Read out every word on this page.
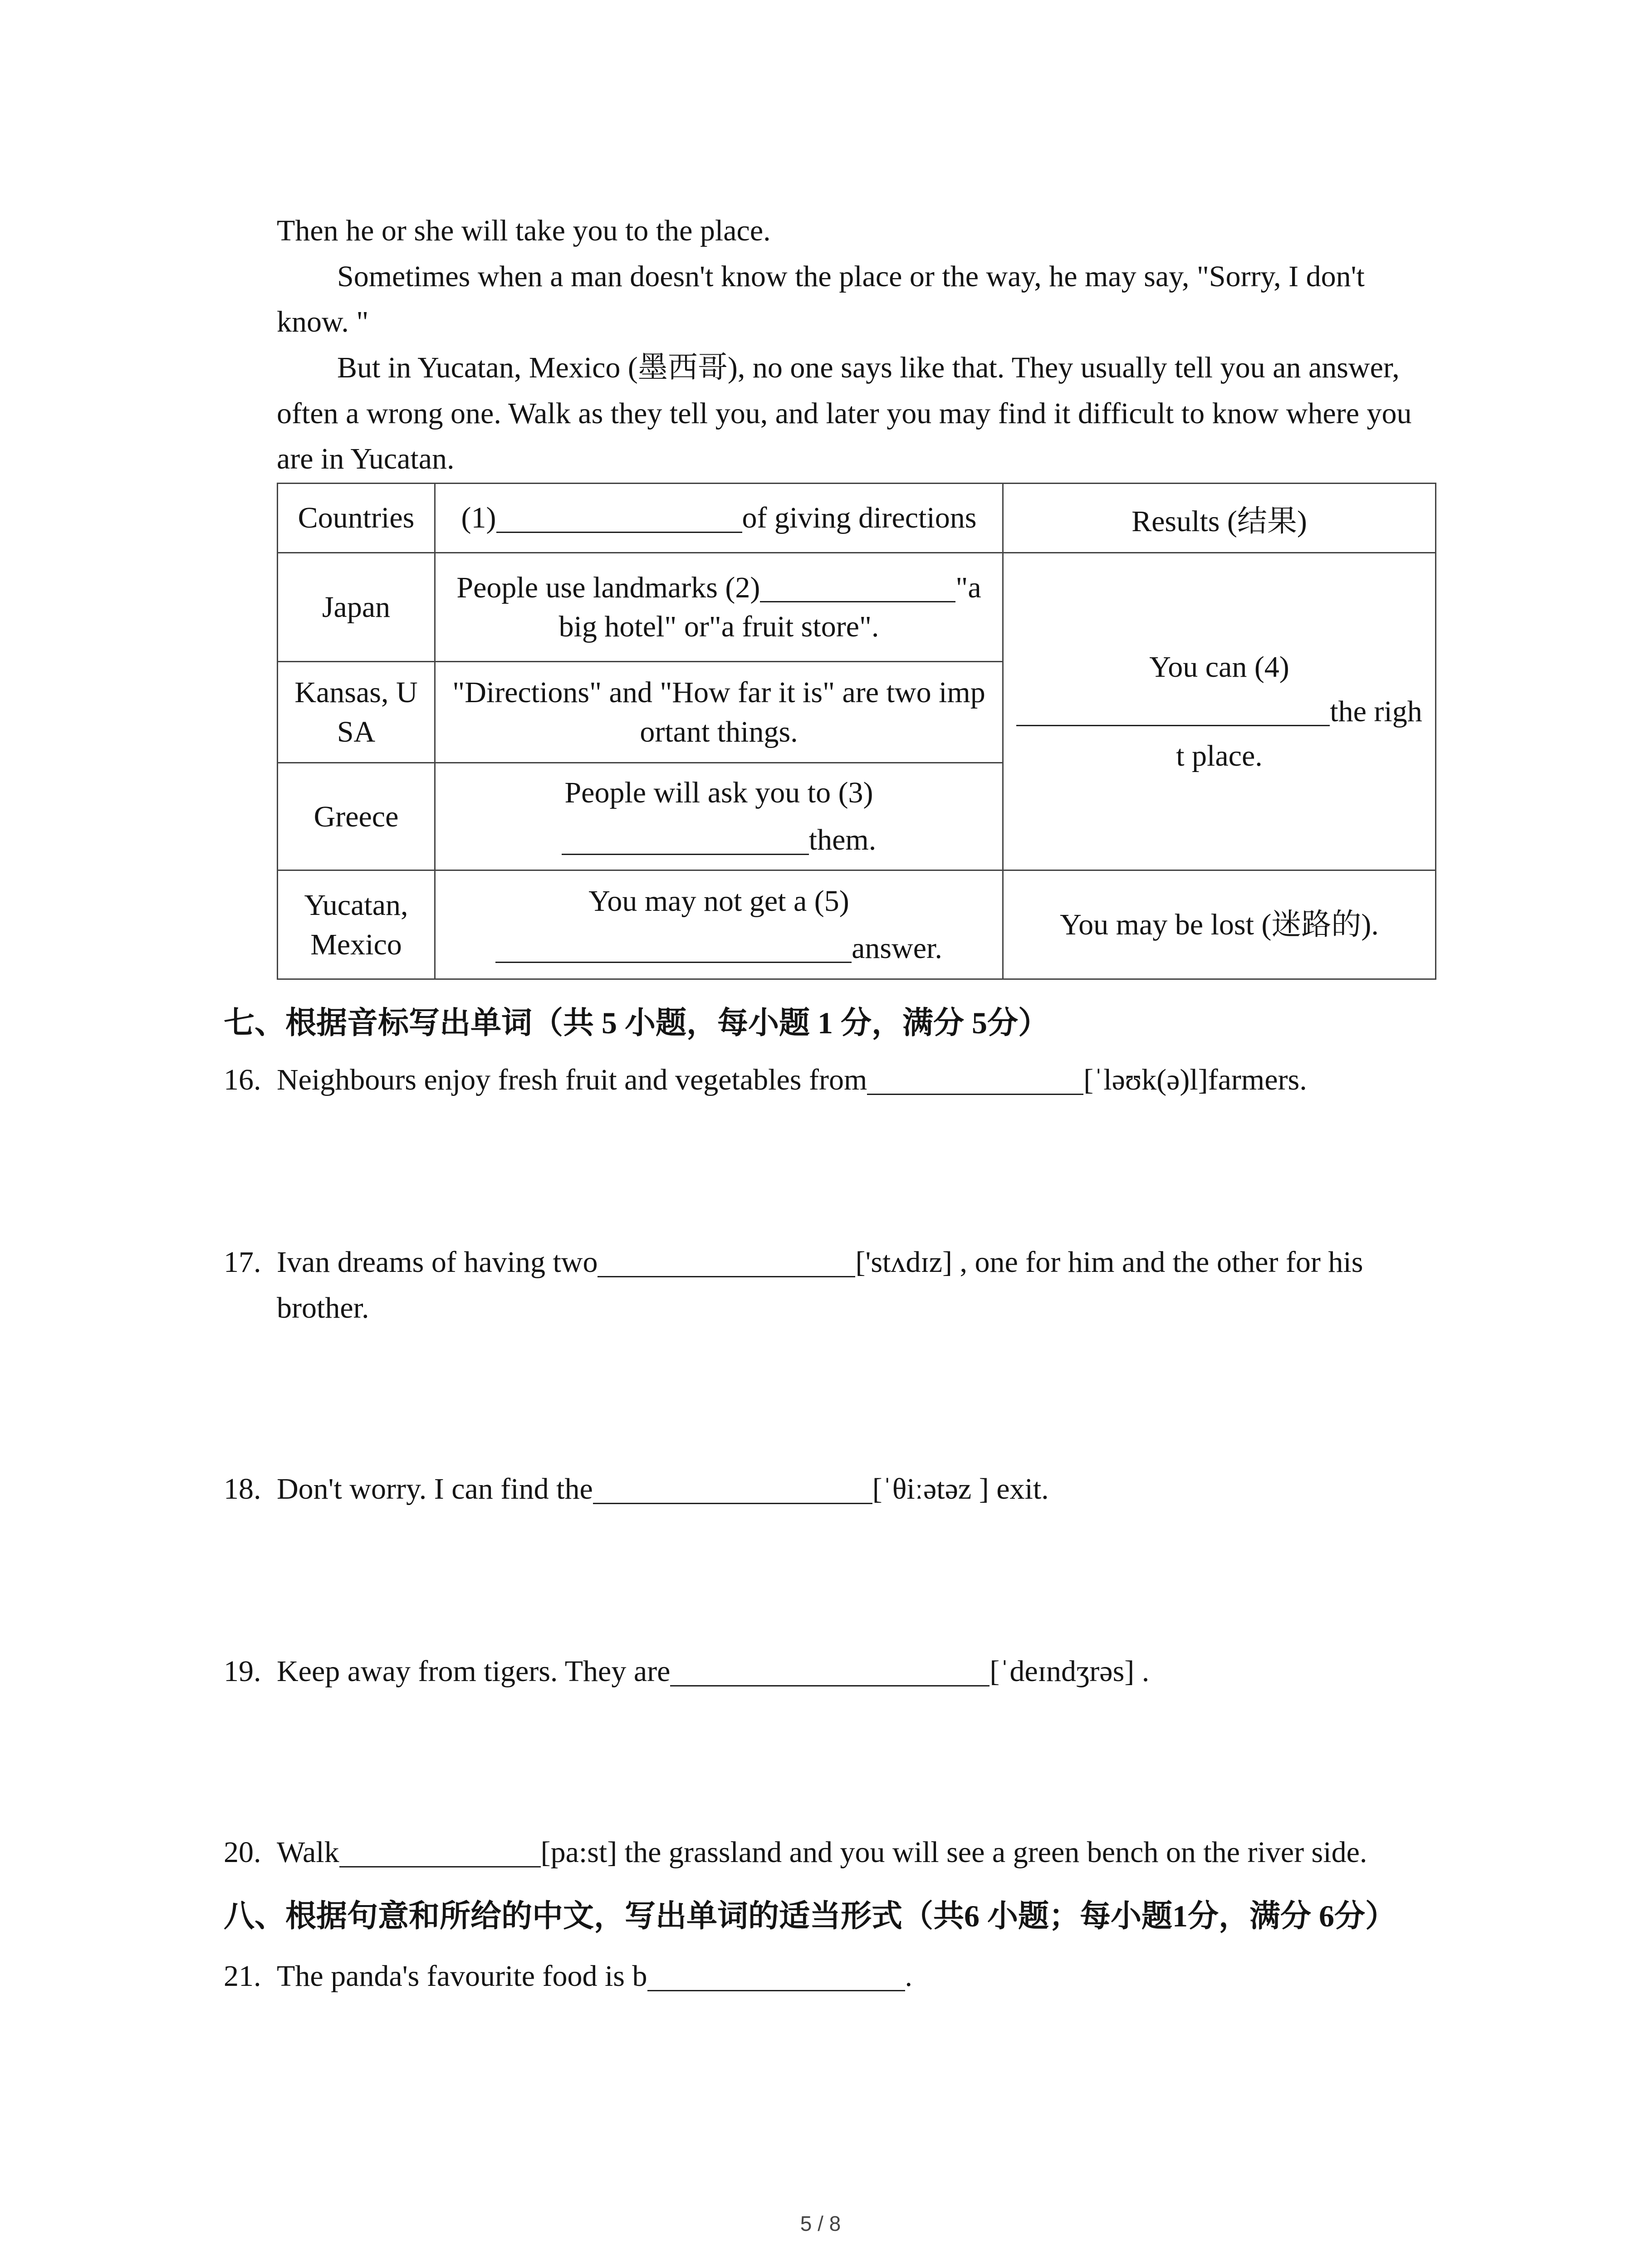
Then he or she will take you to the place.
Sometimes when a man doesn't know the place or the way, he may say, "Sorry, I don't
know. "
But in Yucatan, Mexico (墨西哥), no one says like that. They usually tell you an answer,
often a wrong one. Walk as they tell you, and later you may find it difficult to know where you
are in Yucatan.
Countries	(1) of giving directions	Results (结果)

Japan	People use landmarks (2) "a
big hotel" or"a fruit store".	You can (4)
the righ
t place.

Kansas, U
SA	"Directions" and "How far it is" are two imp
ortant things.	

Greece	People will ask you to (3)
them.	

Yucatan,
Mexico	You may not get a (5)
answer.	You may be lost (迷路的).
七、根据音标写出单词（共 5 小题，每小题 1 分，满分 5分）
16. Neighbours enjoy fresh fruit and vegetables from	[ˈləʊk(ə)l]farmers.
17. Ivan dreams of having two	['stʌdɪz] , one for him and the other for his
brother.
18. Don't worry. I can find the	[ˈθiːətəz ] exit.
19. Keep away from tigers. They are	[ˈdeɪndʒrəs] .
20. Walk	[pa:st] the grassland and you will see a green bench on the river side.
八、根据句意和所给的中文，写出单词的适当形式（共6 小题；每小题1分，满分 6分）
21. The panda's favourite food is b	.
5 / 8
